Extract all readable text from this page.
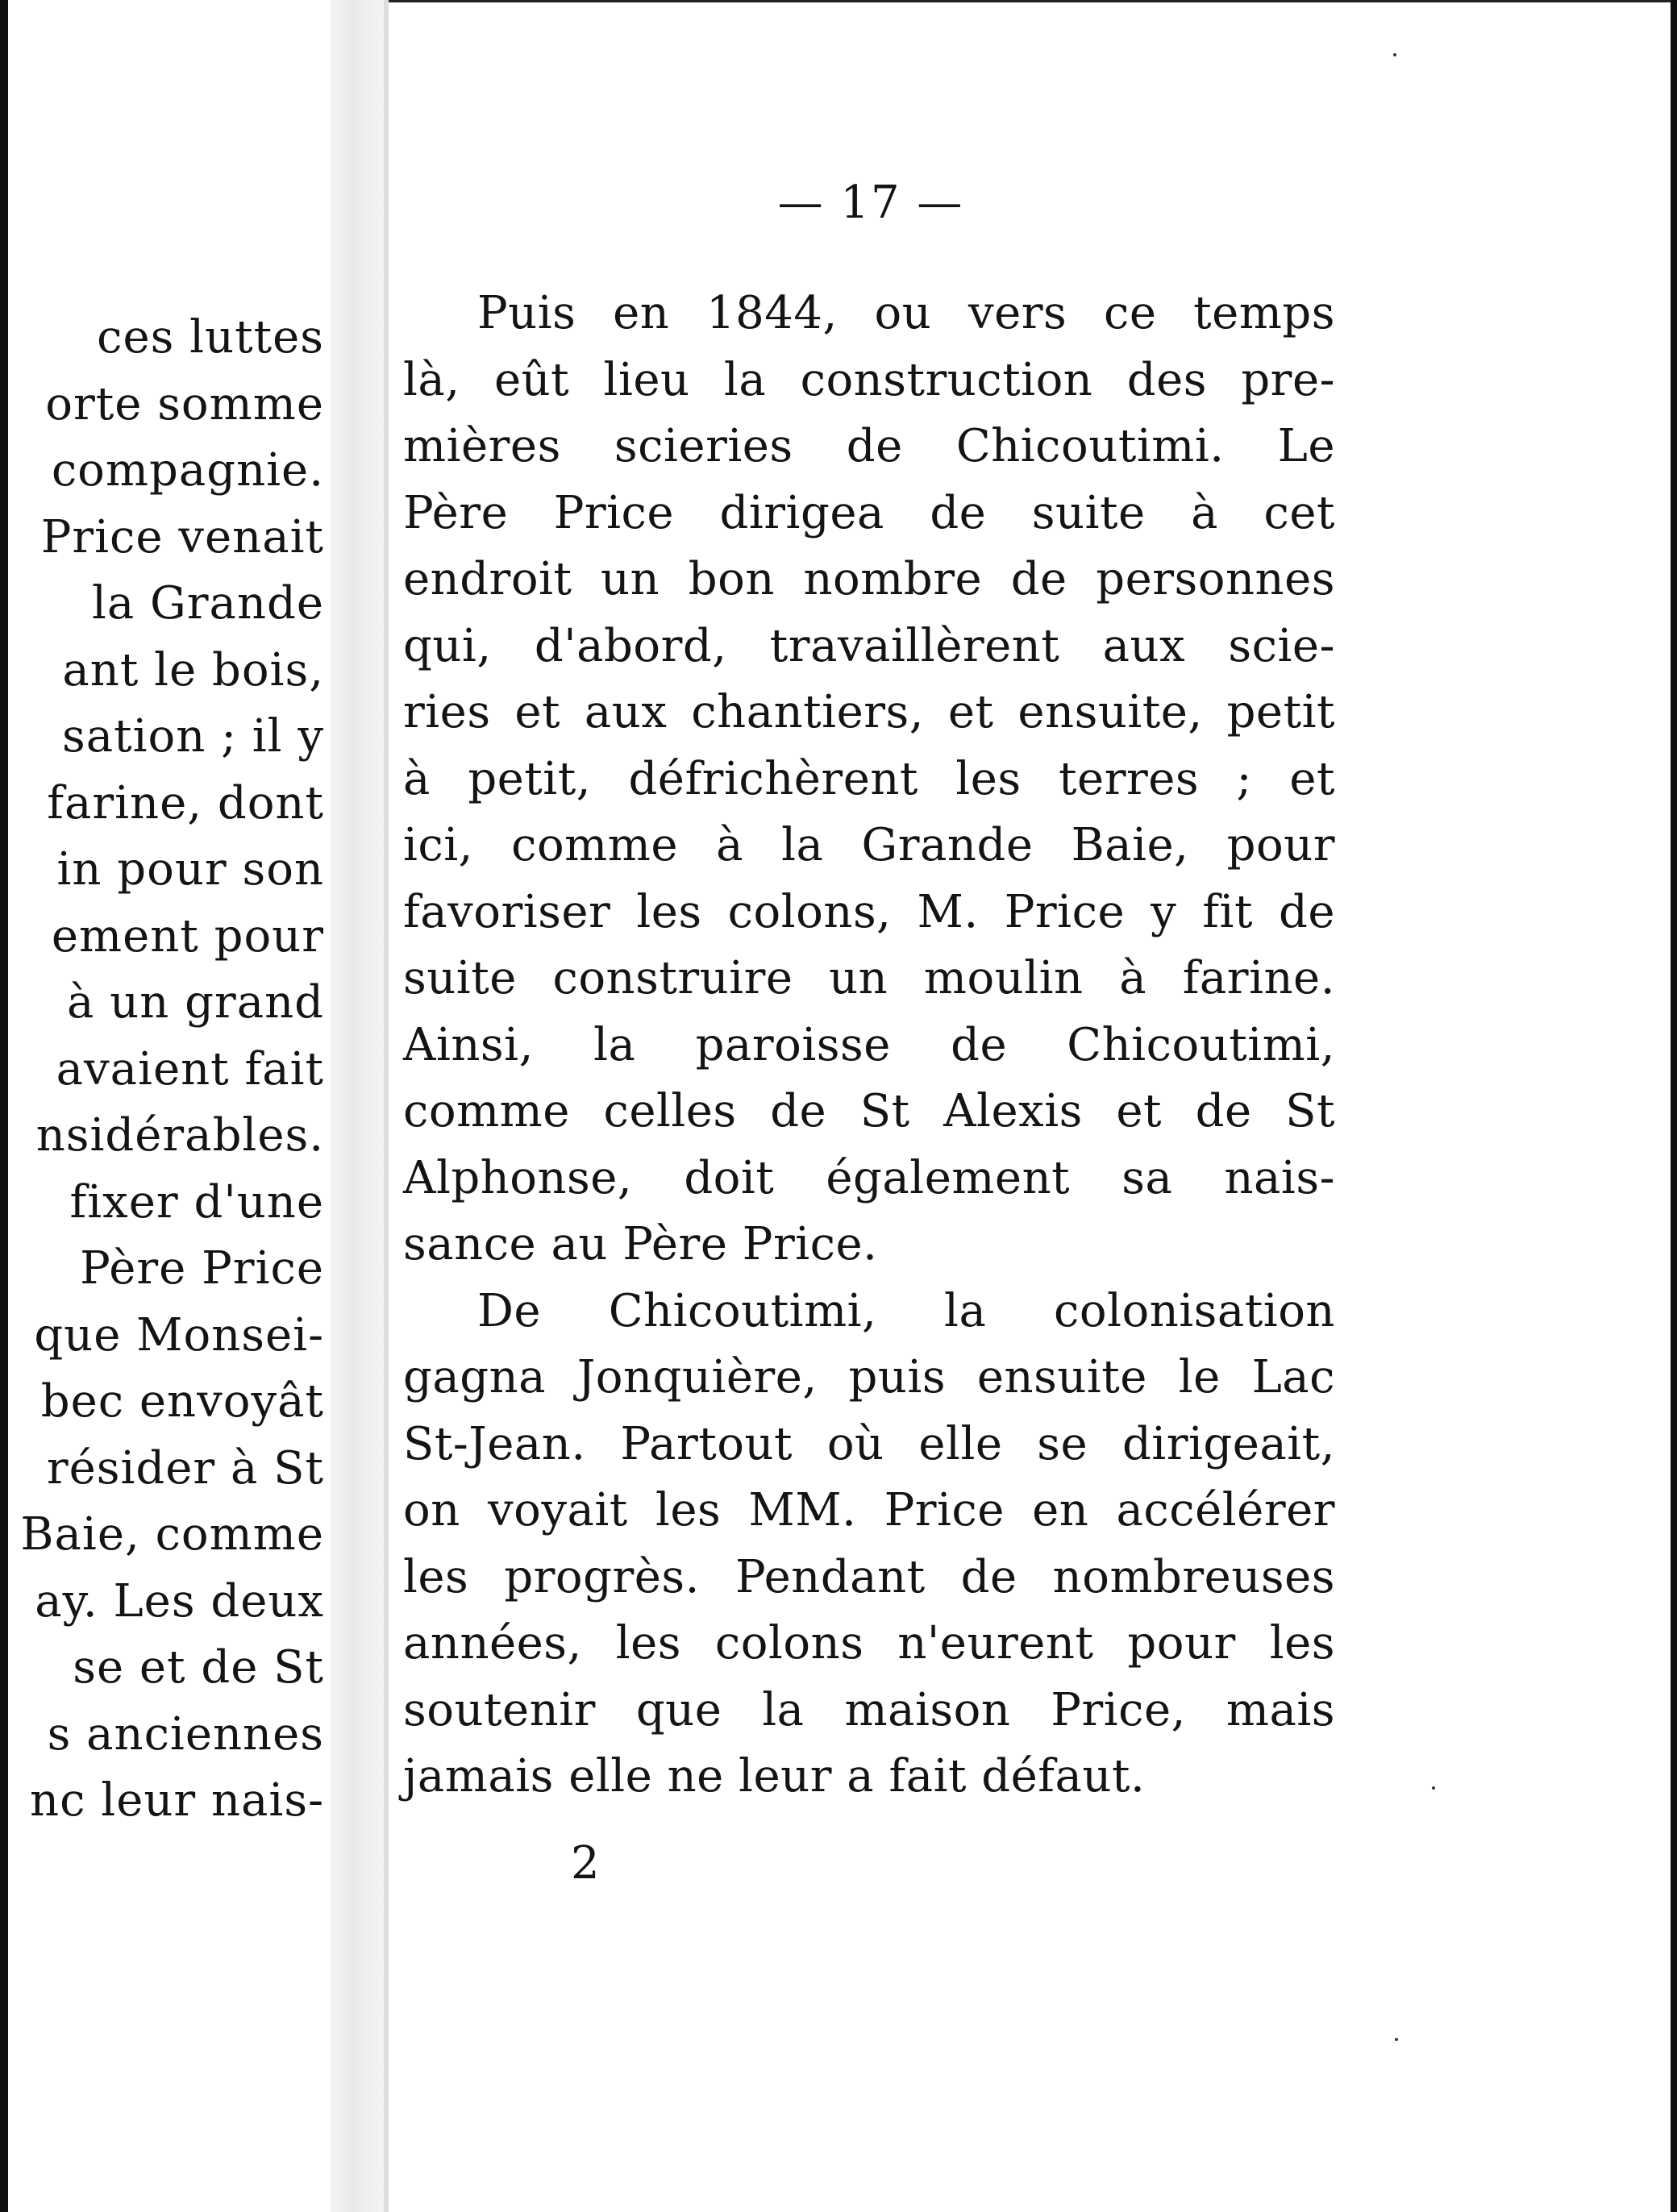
ces luttes
orte somme
compagnie.
Price venait
la Grande
ant le bois,
sation ; il y
farine, dont
in pour son
ement pour
à un grand
avaient fait
nsidérables.
fixer d'une
Père Price
que Monsei-
bec envoyât
résider à St
Baie, comme
ay. Les deux
se et de St
s anciennes
nc leur nais-
— 17 —
Puis en 1844, ou vers ce temps
là, eût lieu la construction des pre-
mières scieries de Chicoutimi. Le
Père Price dirigea de suite à cet
endroit un bon nombre de personnes
qui, d'abord, travaillèrent aux scie-
ries et aux chantiers, et ensuite, petit
à petit, défrichèrent les terres ; et
ici, comme à la Grande Baie, pour
favoriser les colons, M. Price y fit de
suite construire un moulin à farine.
Ainsi, la paroisse de Chicoutimi,
comme celles de St Alexis et de St
Alphonse, doit également sa nais-
sance au Père Price.
De Chicoutimi, la colonisation
gagna Jonquière, puis ensuite le Lac
St-Jean. Partout où elle se dirigeait,
on voyait les MM. Price en accélérer
les progrès. Pendant de nombreuses
années, les colons n'eurent pour les
soutenir que la maison Price, mais
jamais elle ne leur a fait défaut.
2
